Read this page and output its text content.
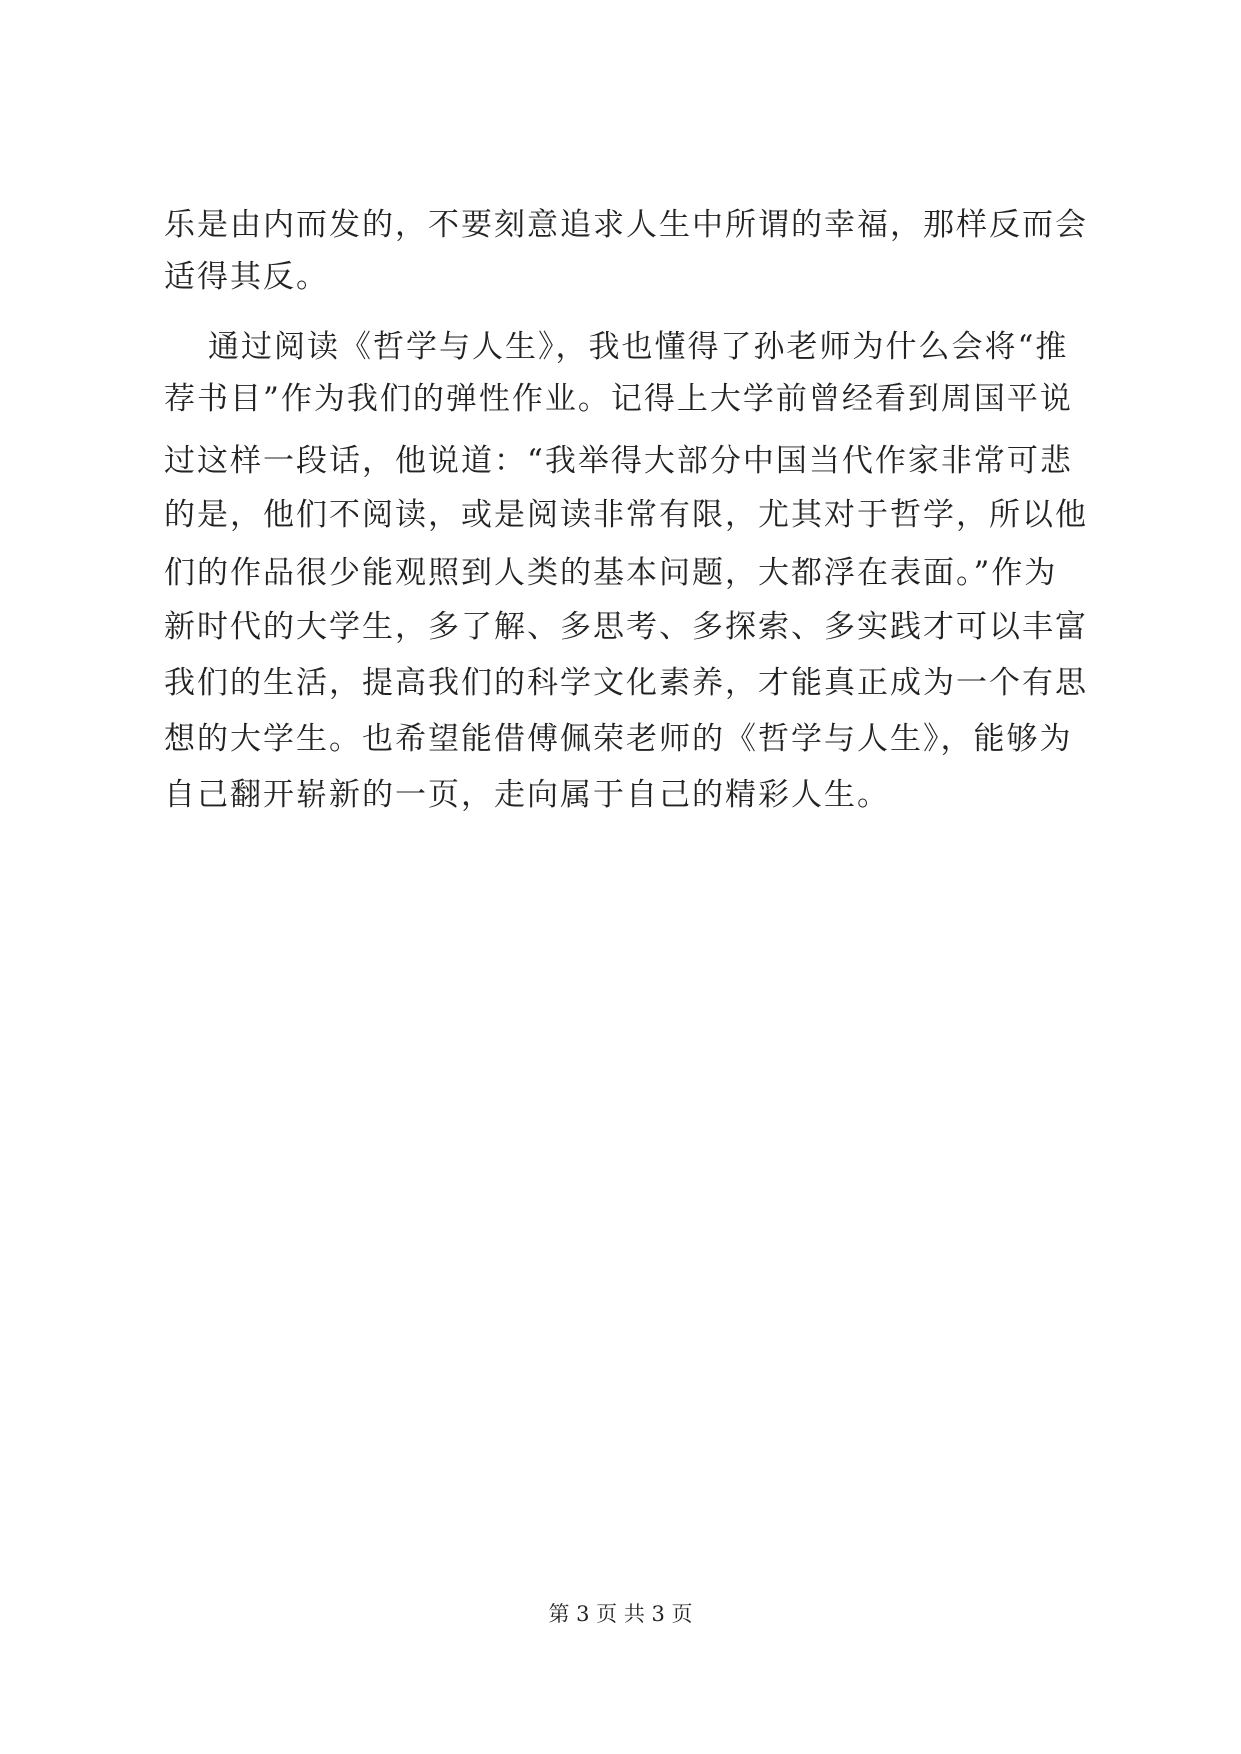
乐是由内而发的，不要刻意追求人生中所谓的幸福，那样反而会
适得其反。
通过阅读《哲学与人生》，我也懂得了孙老师为什么会将“推
荐书目”作为我们的弹性作业。记得上大学前曾经看到周国平说
过这样一段话，他说道：“我举得大部分中国当代作家非常可悲
的是，他们不阅读，或是阅读非常有限，尤其对于哲学，所以他
们的作品很少能观照到人类的基本问题，大都浮在表面。”作为
新时代的大学生，多了解、多思考、多探索、多实践才可以丰富
我们的生活，提高我们的科学文化素养，才能真正成为一个有思
想的大学生。也希望能借傅佩荣老师的《哲学与人生》，能够为
自己翻开崭新的一页，走向属于自己的精彩人生。
第 3 页 共 3 页
